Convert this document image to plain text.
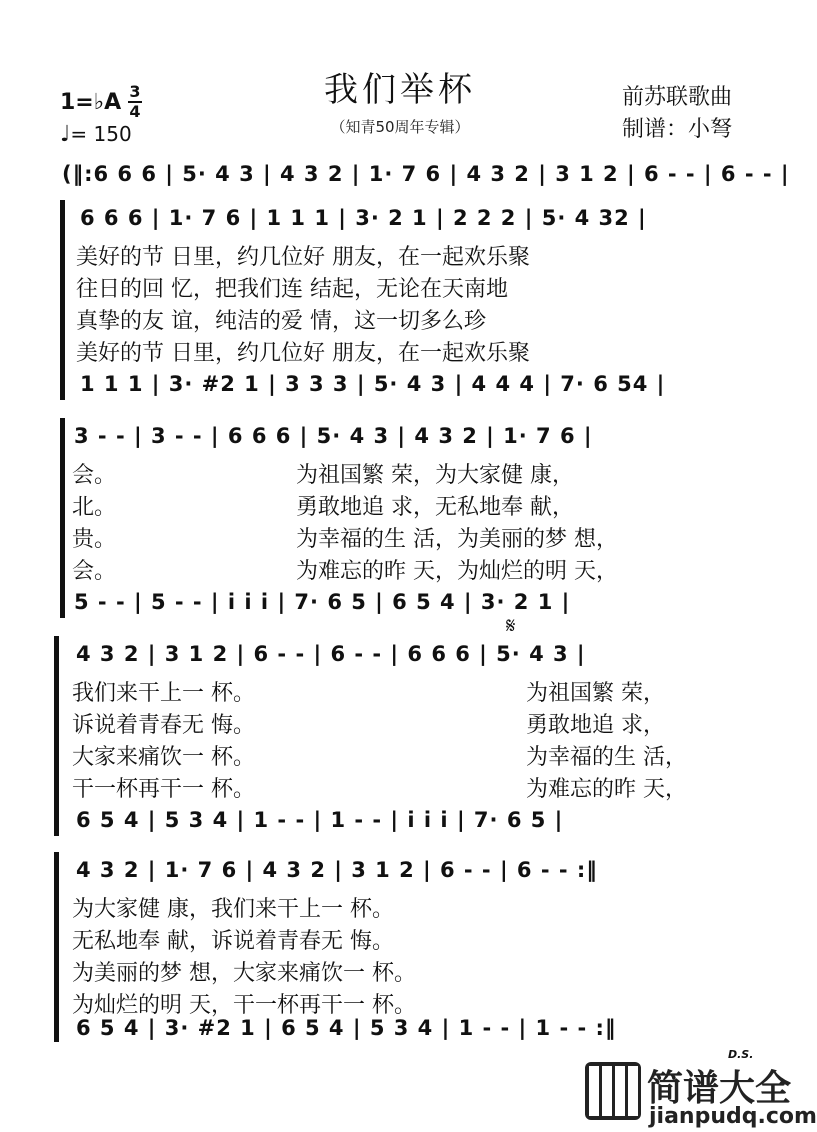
我们举杯
（知青50周年专辑）
前苏联歌曲
制谱：小弩
1=♭A 3
4
♩= 150
(‖:6 6 6 | 5· 4 3 | 4 3 2 | 1· 7 6 | 4 3 2 | 3 1 2 | 6 - - | 6 - - |
6 6 6 | 1· 7 6 | 1 1 1 | 3· 2 1 | 2 2 2 | 5· 4 32 |
美好的节 日里，约几位好 朋友，在一起欢乐聚
往日的回 忆，把我们连 结起，无论在天南地
真挚的友 谊，纯洁的爱 情，这一切多么珍
美好的节 日里，约几位好 朋友，在一起欢乐聚
1 1 1 | 3· #2 1 | 3 3 3 | 5· 4 3 | 4 4 4 | 7· 6 54 |
3 - - | 3 - - | 6 6 6 | 5· 4 3 | 4 3 2 | 1· 7 6 |
会。
北。
贵。
会。
为祖国繁 荣，为大家健 康，
勇敢地追 求，无私地奉 献，
为幸福的生 活，为美丽的梦 想，
为难忘的昨 天，为灿烂的明 天，
5 - - | 5 - - | i i i | 7· 6 5 | 6 5 4 | 3· 2 1 |
4 3 2 | 3 1 2 | 6 - - | 6 - - | 6 6 6 | 5· 4 3 |
𝄋
我们来干上一 杯。
诉说着青春无 悔。
大家来痛饮一 杯。
干一杯再干一 杯。
为祖国繁 荣，
勇敢地追 求，
为幸福的生 活，
为难忘的昨 天，
6 5 4 | 5 3 4 | 1 - - | 1 - - | i i i | 7· 6 5 |
4 3 2 | 1· 7 6 | 4 3 2 | 3 1 2 | 6 - - | 6 - - :‖
为大家健 康，我们来干上一 杯。
无私地奉 献，诉说着青春无 悔。
为美丽的梦 想，大家来痛饮一 杯。
为灿烂的明 天，干一杯再干一 杯。
6 5 4 | 3· #2 1 | 6 5 4 | 5 3 4 | 1 - - | 1 - - :‖
D.S.
简谱大全
jianpudq.com
